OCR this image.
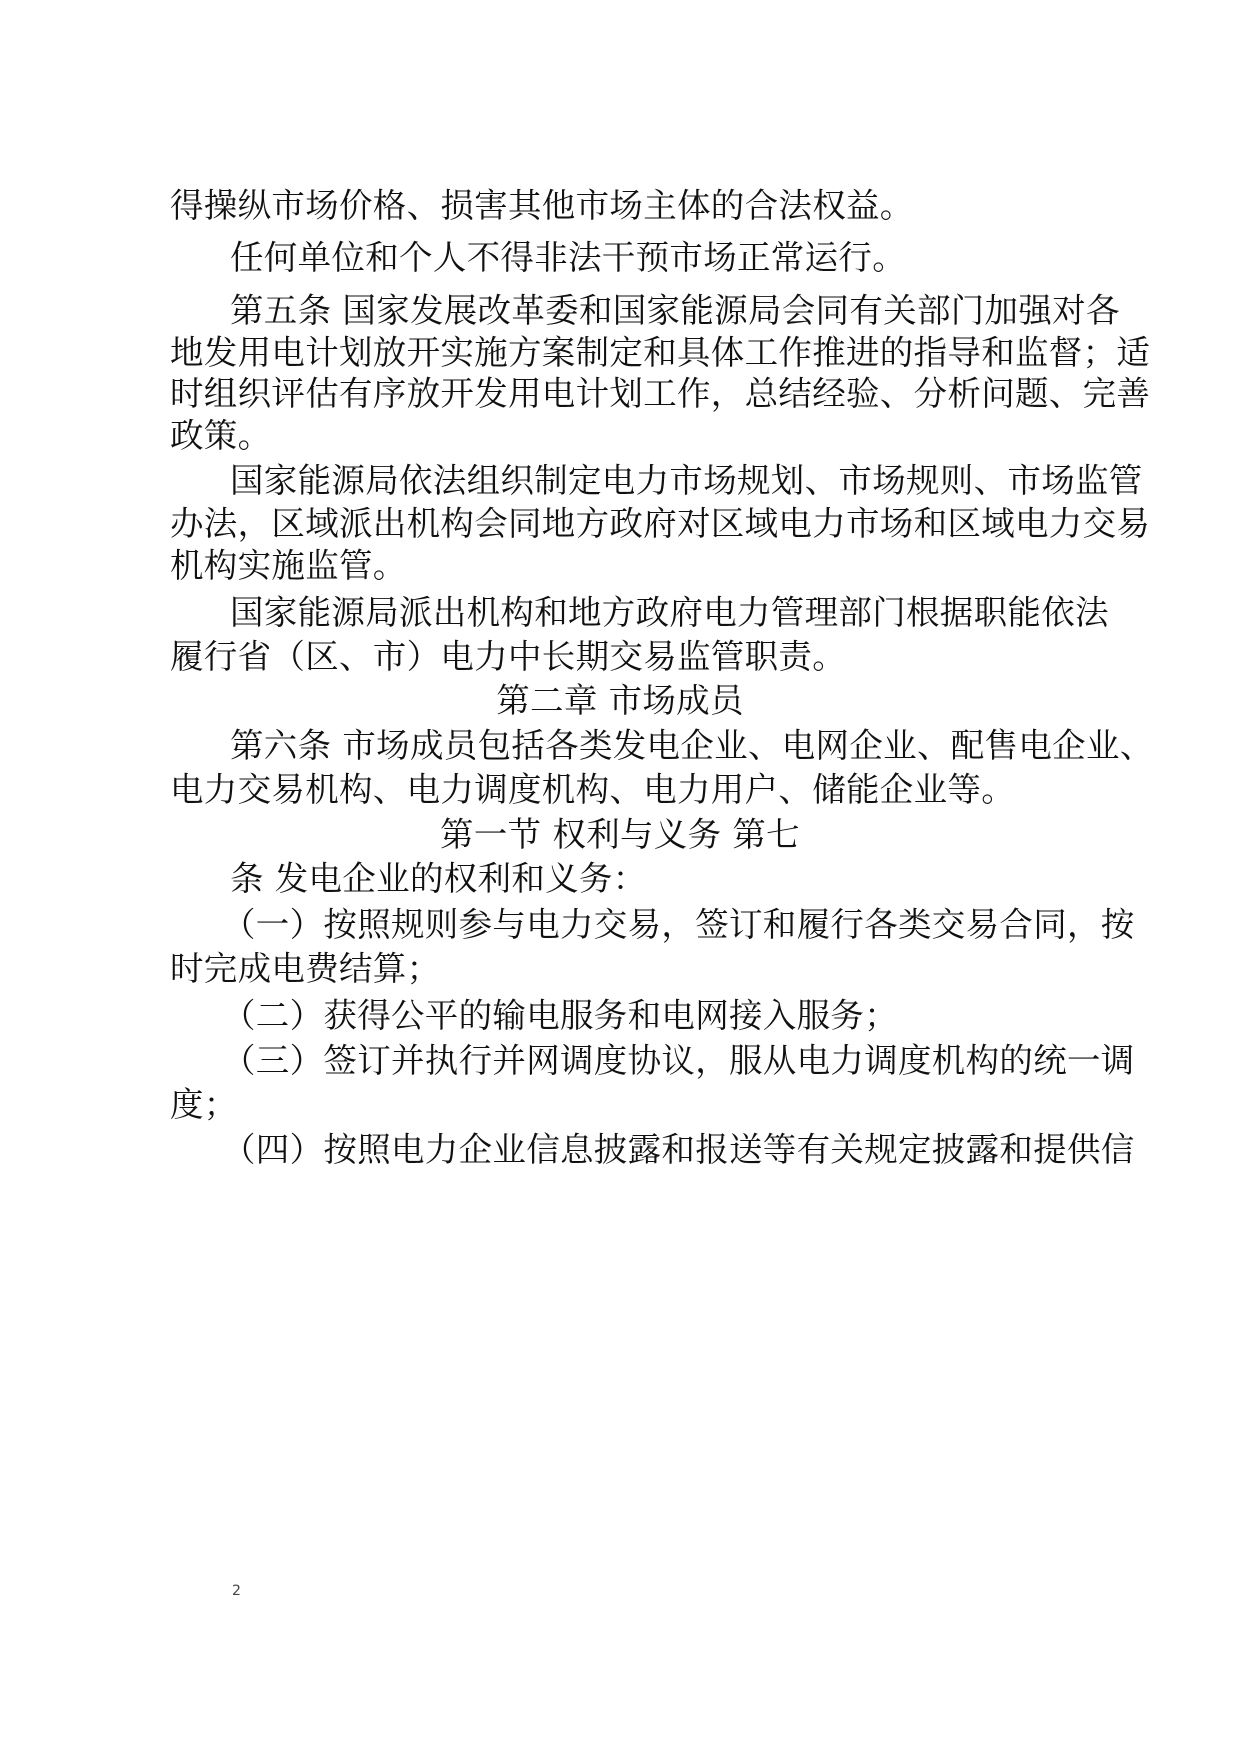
得操纵市场价格、损害其他市场主体的合法权益。
任何单位和个人不得非法干预市场正常运行。
第五条 国家发展改革委和国家能源局会同有关部门加强对各
地发用电计划放开实施方案制定和具体工作推进的指导和监督；适
时组织评估有序放开发用电计划工作，总结经验、分析问题、完善
政策。
国家能源局依法组织制定电力市场规划、市场规则、市场监管
办法，区域派出机构会同地方政府对区域电力市场和区域电力交易
机构实施监管。
国家能源局派出机构和地方政府电力管理部门根据职能依法
履行省（区、市）电力中长期交易监管职责。
第二章 市场成员
第六条 市场成员包括各类发电企业、电网企业、配售电企业、
电力交易机构、电力调度机构、电力用户、储能企业等。
第一节 权利与义务 第七
条 发电企业的权利和义务：
（一）按照规则参与电力交易，签订和履行各类交易合同，按
时完成电费结算；
（二）获得公平的输电服务和电网接入服务；
（三）签订并执行并网调度协议，服从电力调度机构的统一调
度；
（四）按照电力企业信息披露和报送等有关规定披露和提供信
2
